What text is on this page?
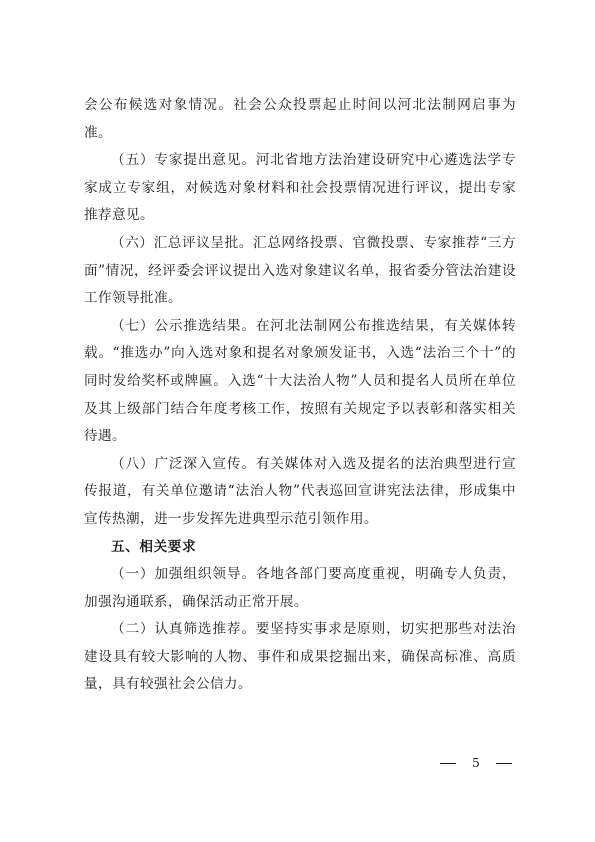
会公布候选对象情况。社会公众投票起止时间以河北法制网启事为准。

（五）专家提出意见。河北省地方法治建设研究中心遴选法学专家成立专家组，对候选对象材料和社会投票情况进行评议，提出专家推荐意见。

（六）汇总评议呈批。汇总网络投票、官微投票、专家推荐“三方面”情况，经评委会评议提出入选对象建议名单，报省委分管法治建设工作领导批准。

（七）公示推选结果。在河北法制网公布推选结果，有关媒体转载。“推选办”向入选对象和提名对象颁发证书，入选“法治三个十”的同时发给奖杯或牌匾。入选“十大法治人物”人员和提名人员所在单位及其上级部门结合年度考核工作，按照有关规定予以表彰和落实相关待遇。

（八）广泛深入宣传。有关媒体对入选及提名的法治典型进行宣传报道，有关单位邀请“法治人物”代表巡回宣讲宪法法律，形成集中宣传热潮，进一步发挥先进典型示范引领作用。

五、相关要求

（一）加强组织领导。各地各部门要高度重视，明确专人负责，加强沟通联系，确保活动正常开展。

（二）认真筛选推荐。要坚持实事求是原则，切实把那些对法治建设具有较大影响的人物、事件和成果挖掘出来，确保高标准、高质量，具有较强社会公信力。

5
